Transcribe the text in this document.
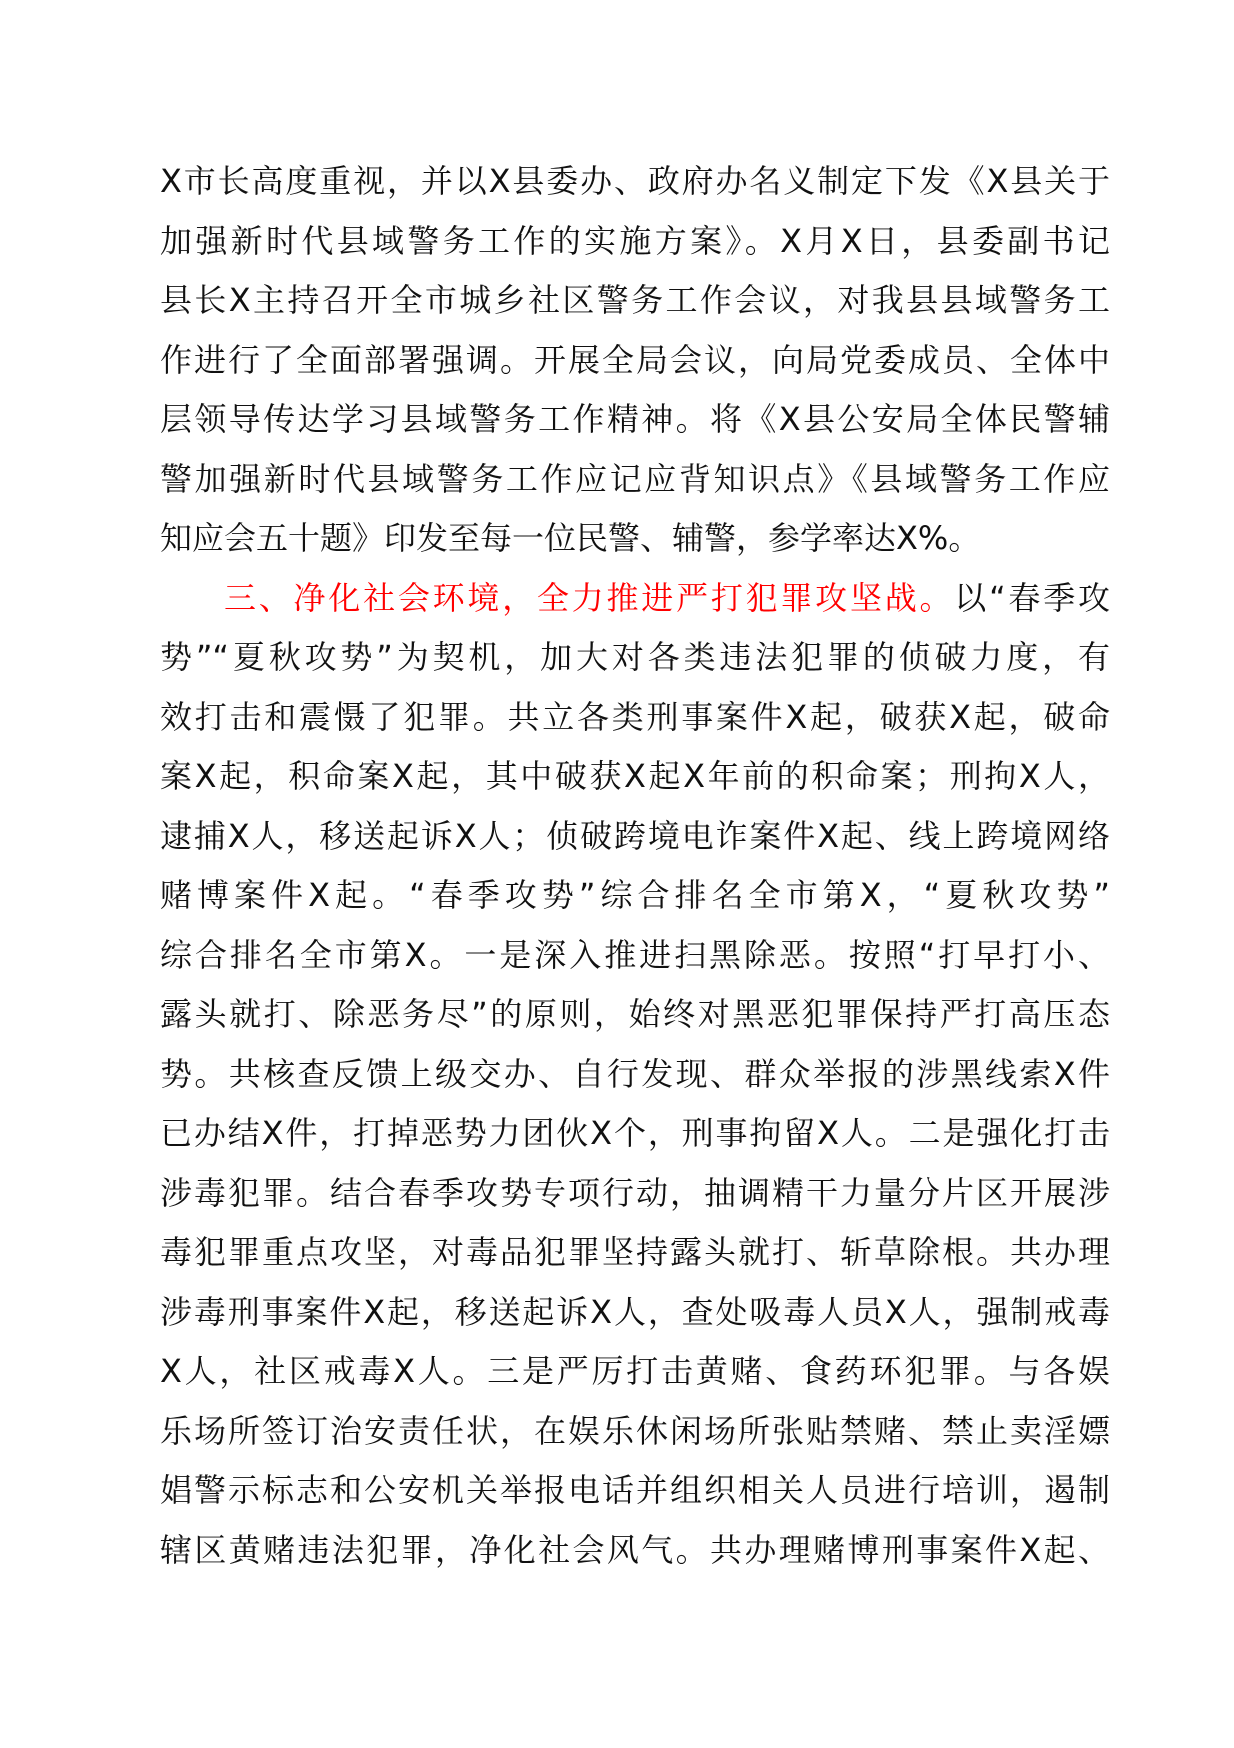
X市长高度重视，并以X县委办、政府办名义制定下发《X县关于
加强新时代县域警务工作的实施方案》。X月X日，县委副书记
县长X主持召开全市城乡社区警务工作会议，对我县县域警务工
作进行了全面部署强调。开展全局会议，向局党委成员、全体中
层领导传达学习县域警务工作精神。将《X县公安局全体民警辅
警加强新时代县域警务工作应记应背知识点》《县域警务工作应
知应会五十题》印发至每一位民警、辅警，参学率达X%。
三、净化社会环境，全力推进严打犯罪攻坚战。以“春季攻
势”“夏秋攻势”为契机，加大对各类违法犯罪的侦破力度，有
效打击和震慑了犯罪。共立各类刑事案件X起，破获X起，破命
案X起，积命案X起，其中破获X起X年前的积命案；刑拘X人，
逮捕X人，移送起诉X人；侦破跨境电诈案件X起、线上跨境网络
赌博案件X起。“春季攻势”综合排名全市第X，“夏秋攻势”
综合排名全市第X。一是深入推进扫黑除恶。按照“打早打小、
露头就打、除恶务尽”的原则，始终对黑恶犯罪保持严打高压态
势。共核查反馈上级交办、自行发现、群众举报的涉黑线索X件
已办结X件，打掉恶势力团伙X个，刑事拘留X人。二是强化打击
涉毒犯罪。结合春季攻势专项行动，抽调精干力量分片区开展涉
毒犯罪重点攻坚，对毒品犯罪坚持露头就打、斩草除根。共办理
涉毒刑事案件X起，移送起诉X人，查处吸毒人员X人，强制戒毒
X人，社区戒毒X人。三是严厉打击黄赌、食药环犯罪。与各娱
乐场所签订治安责任状，在娱乐休闲场所张贴禁赌、禁止卖淫嫖
娼警示标志和公安机关举报电话并组织相关人员进行培训，遏制
辖区黄赌违法犯罪，净化社会风气。共办理赌博刑事案件X起、
